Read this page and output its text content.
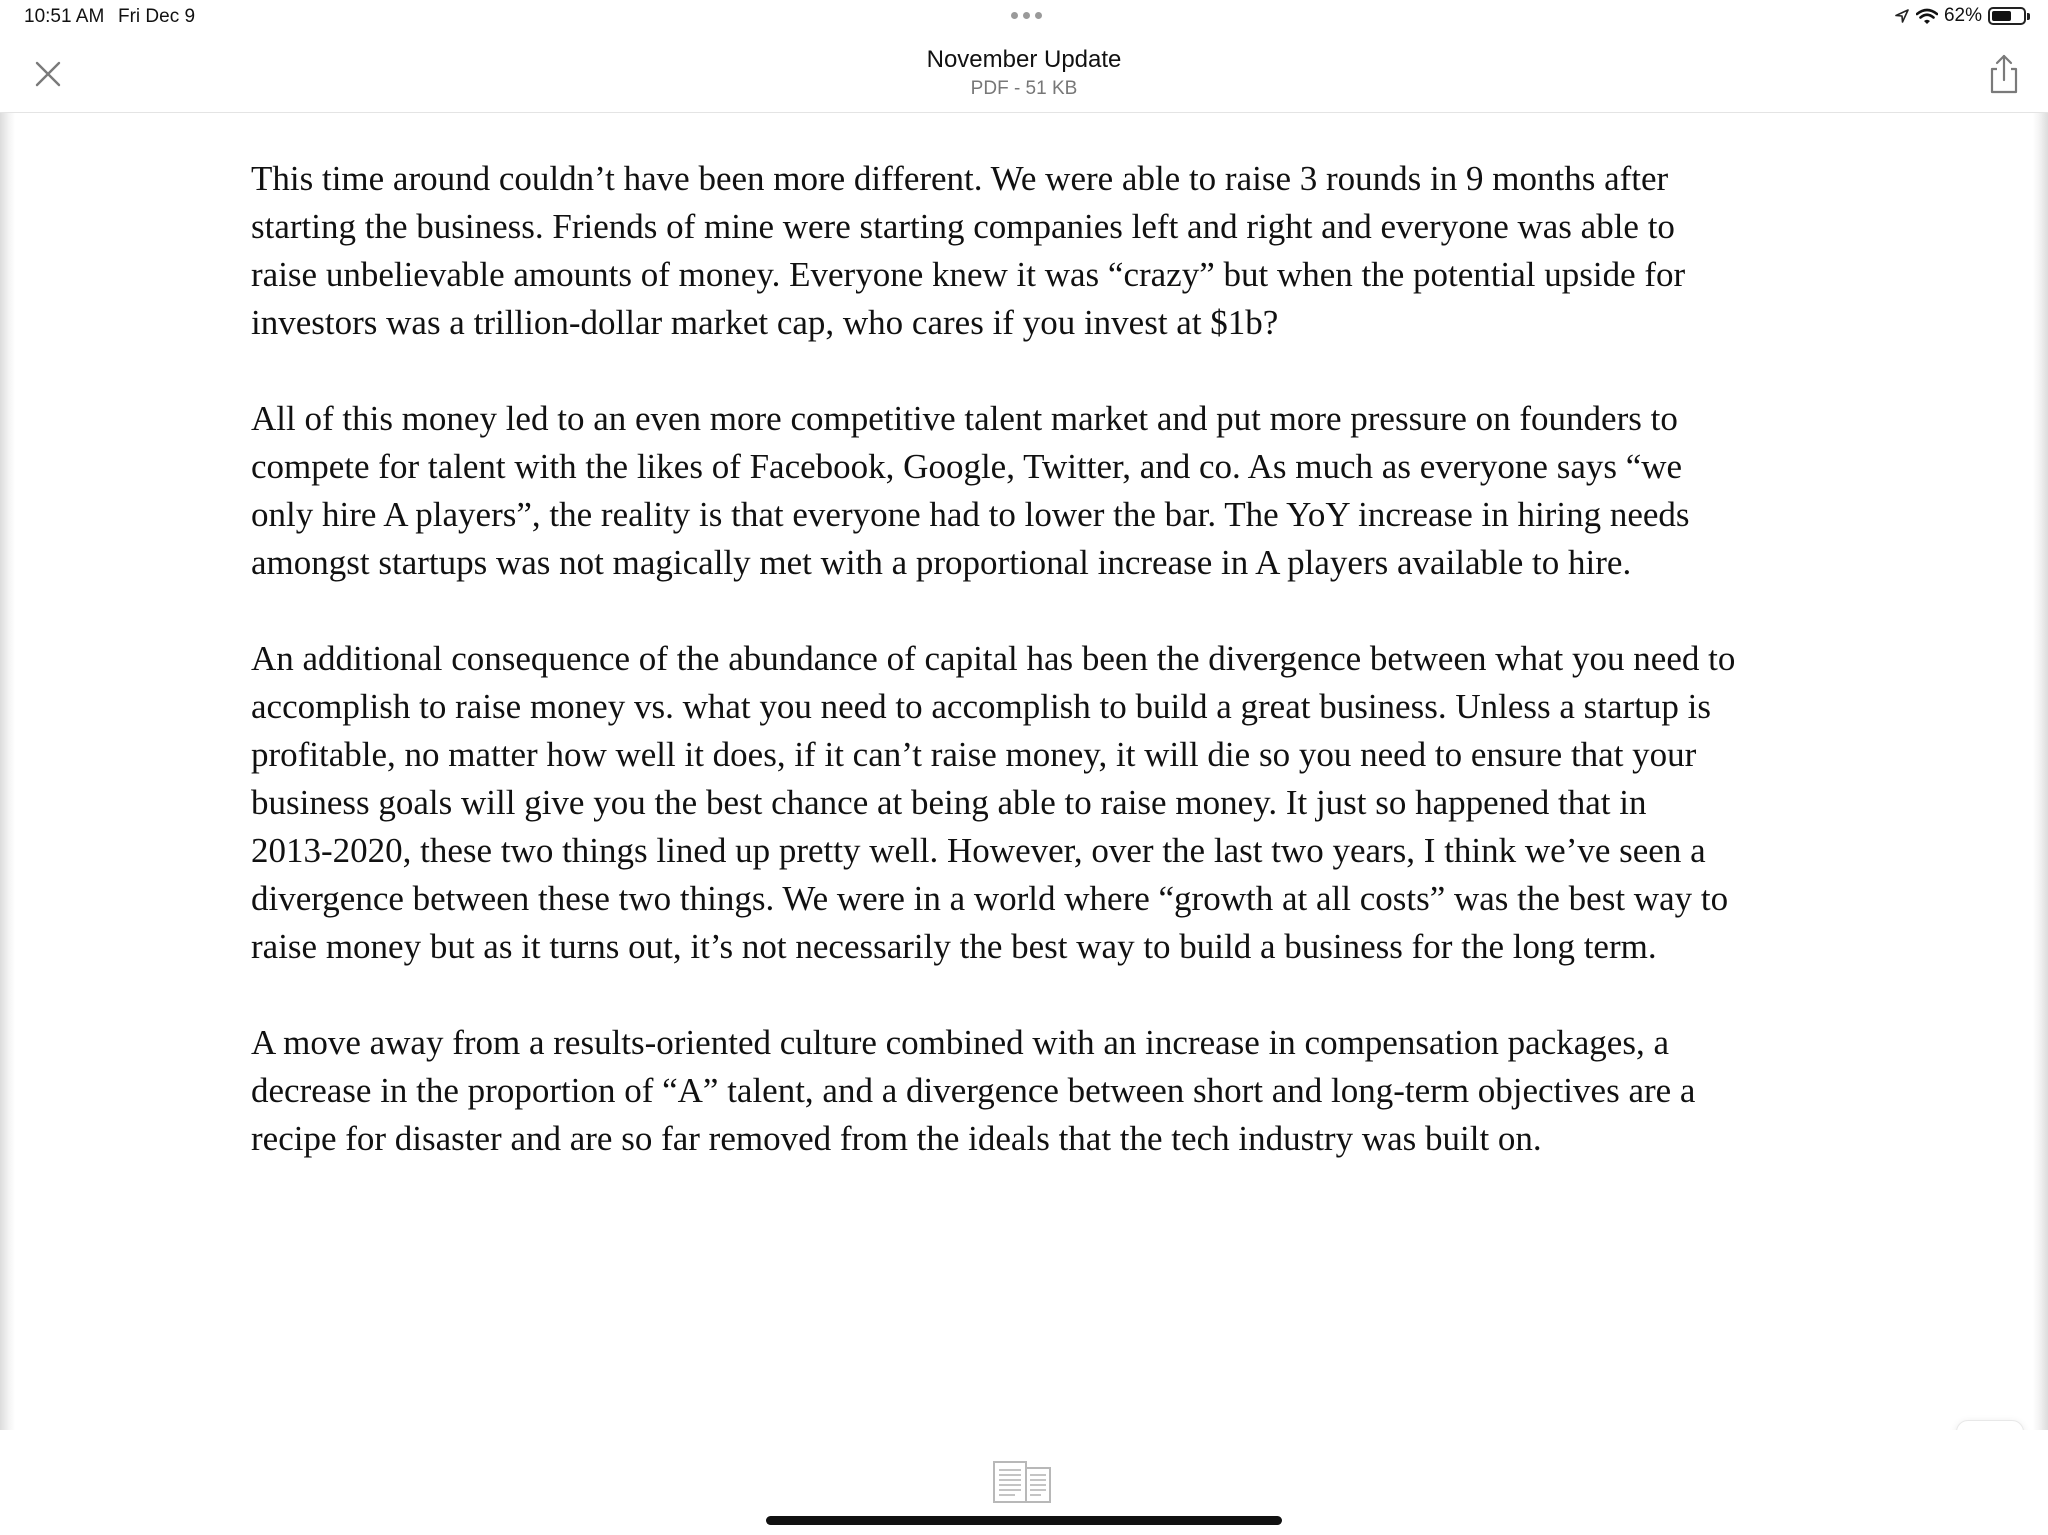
10:51 AM Fri Dec 9	62%
November Update
PDF - 51 KB

This time around couldn’t have been more different. We were able to raise 3 rounds in 9 months after
starting the business. Friends of mine were starting companies left and right and everyone was able to
raise unbelievable amounts of money. Everyone knew it was “crazy” but when the potential upside for
investors was a trillion-dollar market cap, who cares if you invest at $1b?

All of this money led to an even more competitive talent market and put more pressure on founders to
compete for talent with the likes of Facebook, Google, Twitter, and co. As much as everyone says “we
only hire A players”, the reality is that everyone had to lower the bar. The YoY increase in hiring needs
amongst startups was not magically met with a proportional increase in A players available to hire.

An additional consequence of the abundance of capital has been the divergence between what you need to
accomplish to raise money vs. what you need to accomplish to build a great business. Unless a startup is
profitable, no matter how well it does, if it can’t raise money, it will die so you need to ensure that your
business goals will give you the best chance at being able to raise money. It just so happened that in
2013-2020, these two things lined up pretty well. However, over the last two years, I think we’ve seen a
divergence between these two things. We were in a world where “growth at all costs” was the best way to
raise money but as it turns out, it’s not necessarily the best way to build a business for the long term.

A move away from a results-oriented culture combined with an increase in compensation packages, a
decrease in the proportion of “A” talent, and a divergence between short and long-term objectives are a
recipe for disaster and are so far removed from the ideals that the tech industry was built on.
